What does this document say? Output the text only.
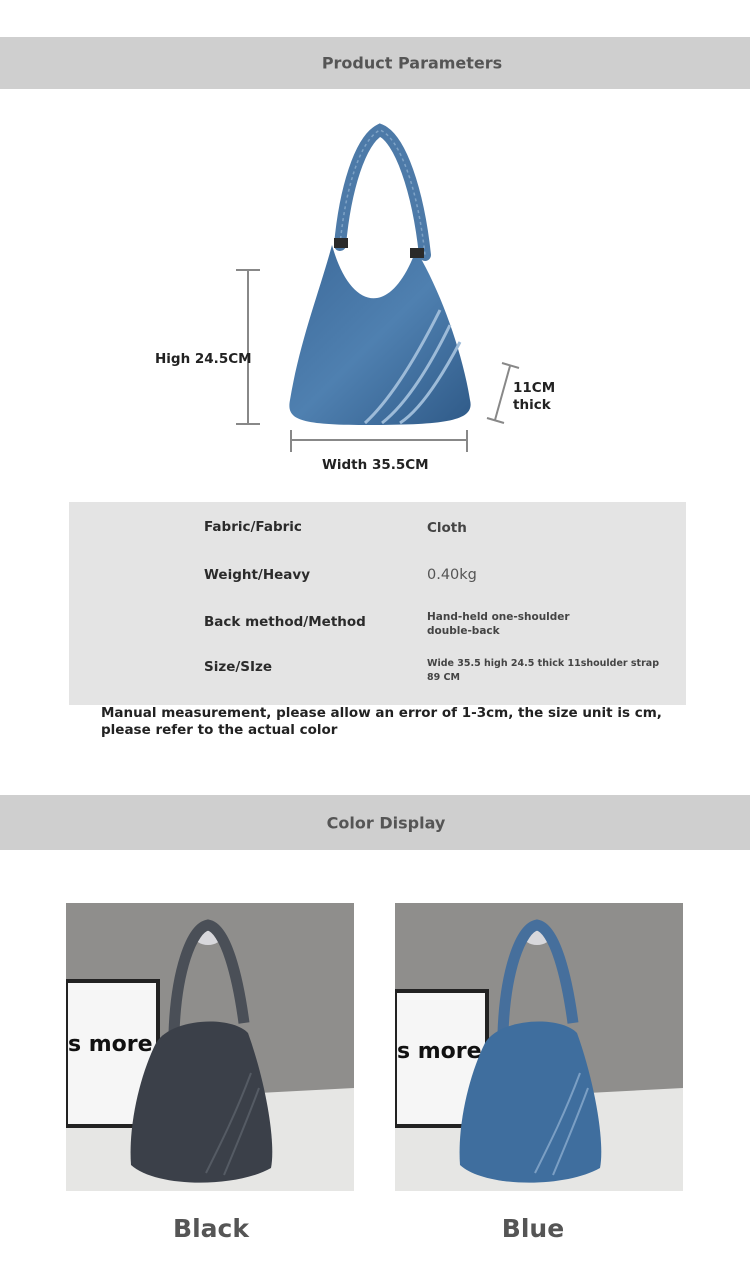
Product Parameters
High 24.5CM
Width 35.5CM
11CM
thick
Fabric/Fabric	Cloth
Weight/Heavy	0.40kg
Back method/Method	Hand-held one-shoulder double-back
Size/SIze	Wide 35.5 high 24.5 thick 11shoulder strap 89 CM
Manual measurement, please allow an error of 1-3cm, the size unit is cm, please refer to the actual color
Color Display
s more	s more
Black	Blue
